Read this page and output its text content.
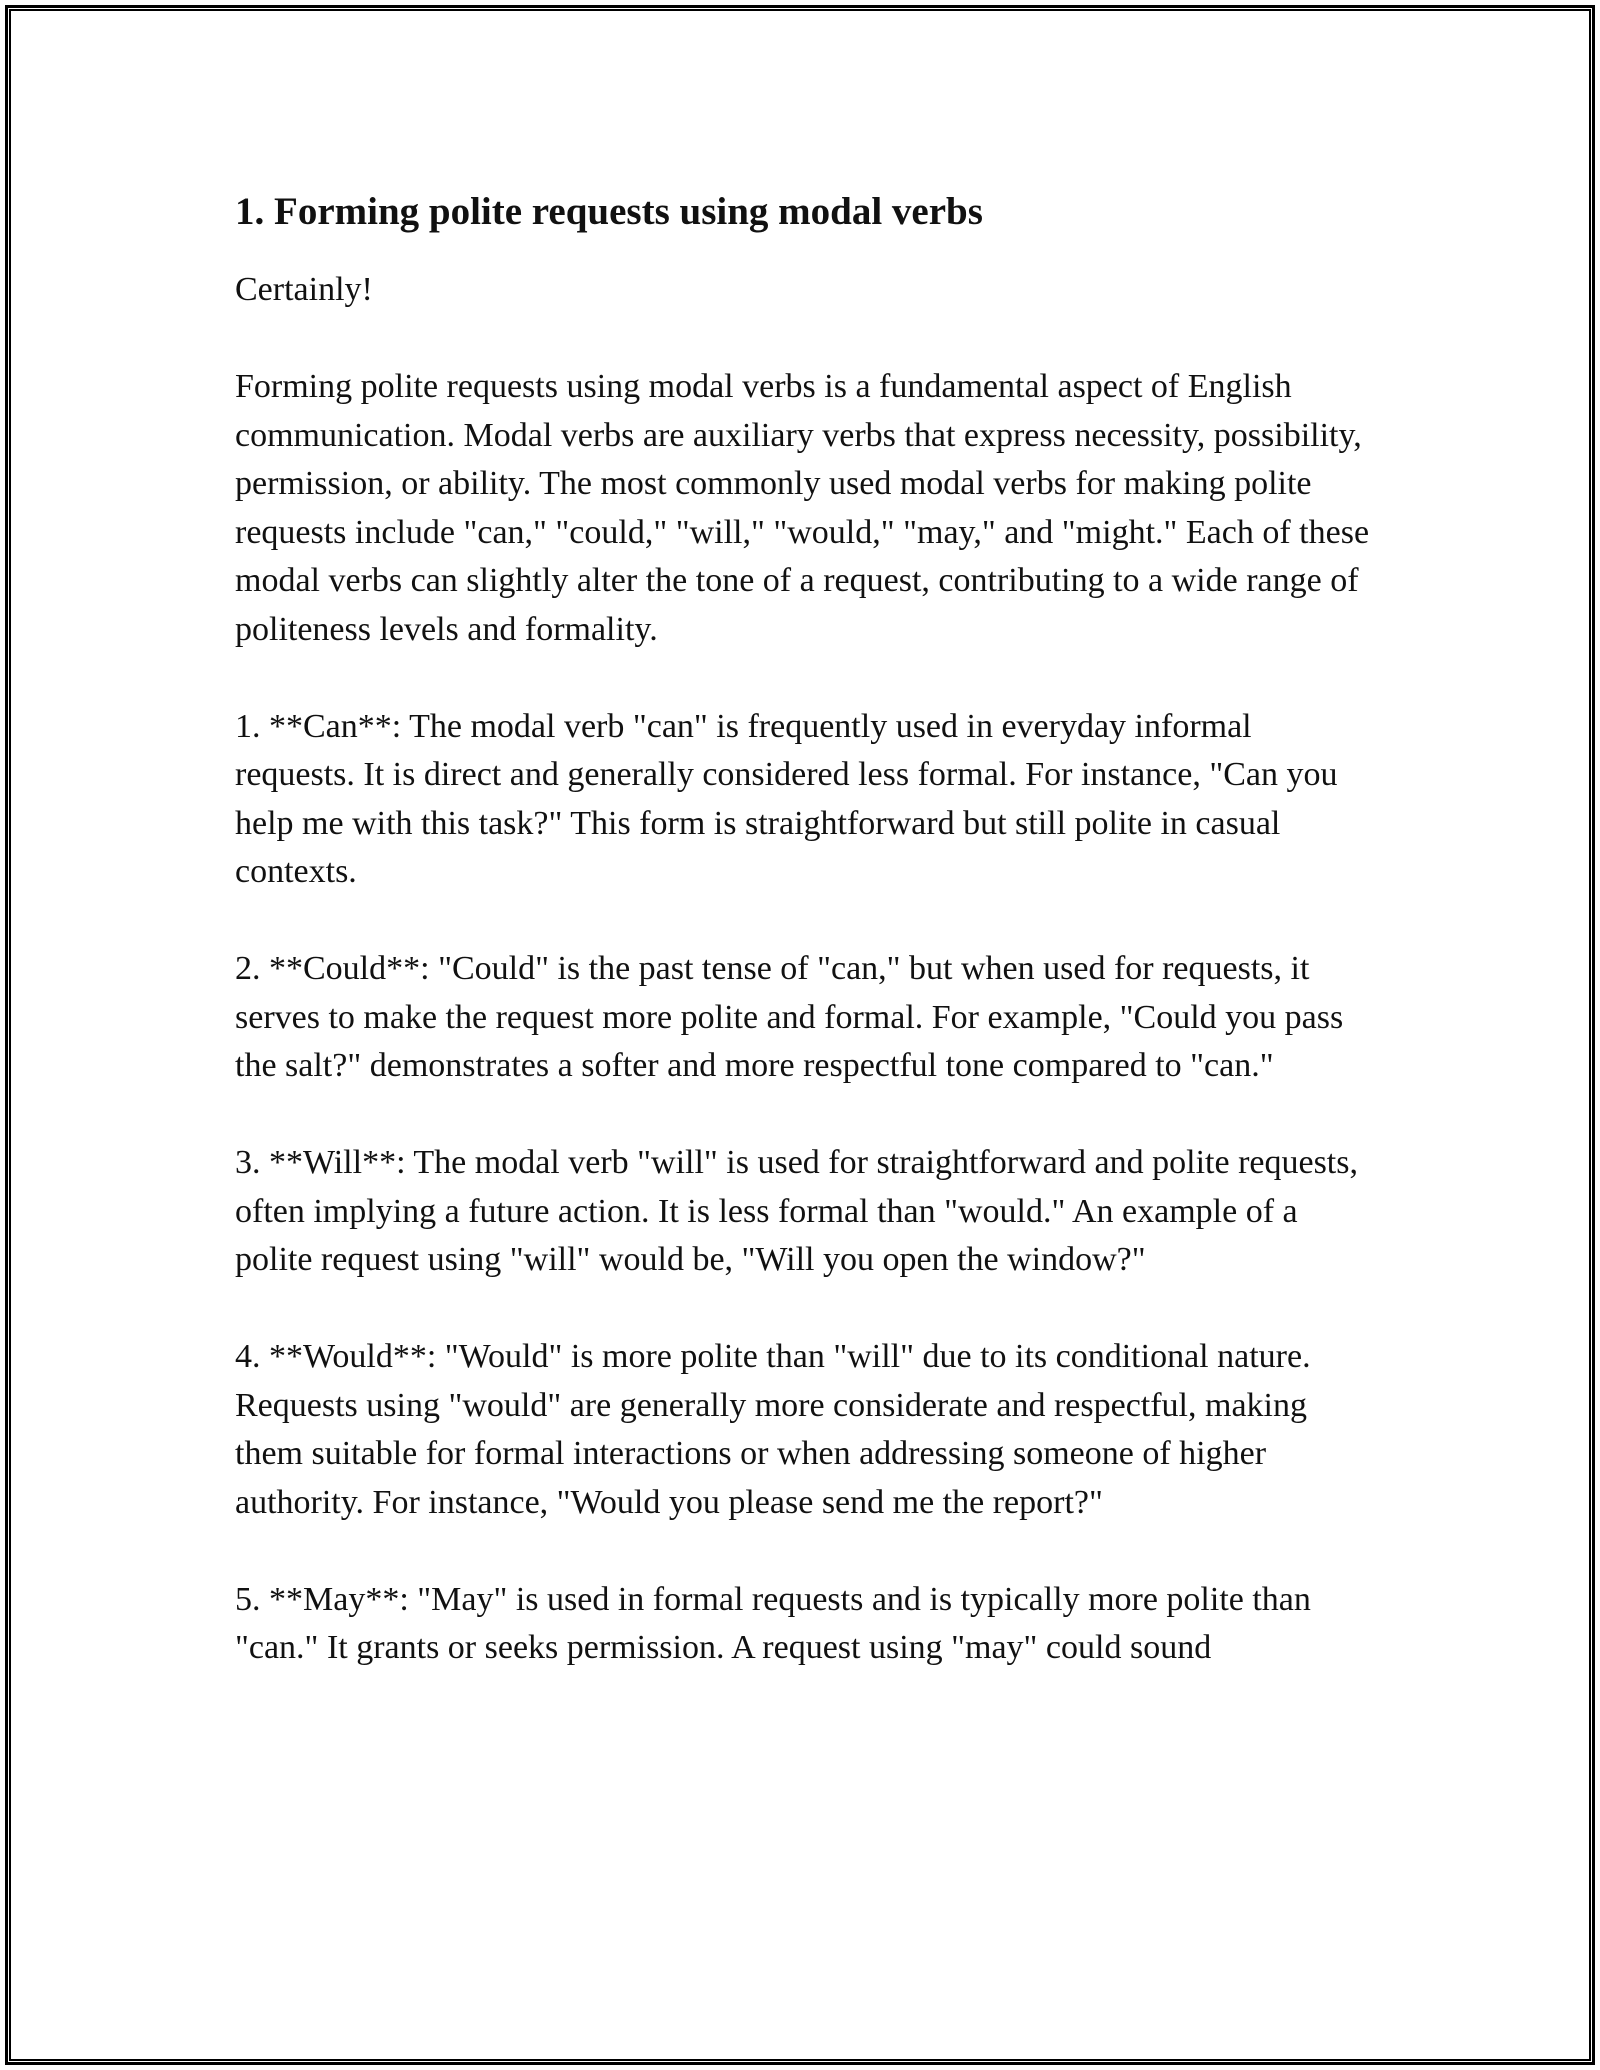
1. Forming polite requests using modal verbs

Certainly!

Forming polite requests using modal verbs is a fundamental aspect of English communication. Modal verbs are auxiliary verbs that express necessity, possibility, permission, or ability. The most commonly used modal verbs for making polite requests include "can," "could," "will," "would," "may," and "might." Each of these modal verbs can slightly alter the tone of a request, contributing to a wide range of politeness levels and formality.

1. **Can**: The modal verb "can" is frequently used in everyday informal requests. It is direct and generally considered less formal. For instance, "Can you help me with this task?" This form is straightforward but still polite in casual contexts.

2. **Could**: "Could" is the past tense of "can," but when used for requests, it serves to make the request more polite and formal. For example, "Could you pass the salt?" demonstrates a softer and more respectful tone compared to "can."

3. **Will**: The modal verb "will" is used for straightforward and polite requests, often implying a future action. It is less formal than "would." An example of a polite request using "will" would be, "Will you open the window?"

4. **Would**: "Would" is more polite than "will" due to its conditional nature. Requests using "would" are generally more considerate and respectful, making them suitable for formal interactions or when addressing someone of higher authority. For instance, "Would you please send me the report?"

5. **May**: "May" is used in formal requests and is typically more polite than "can." It grants or seeks permission. A request using "may" could sound
